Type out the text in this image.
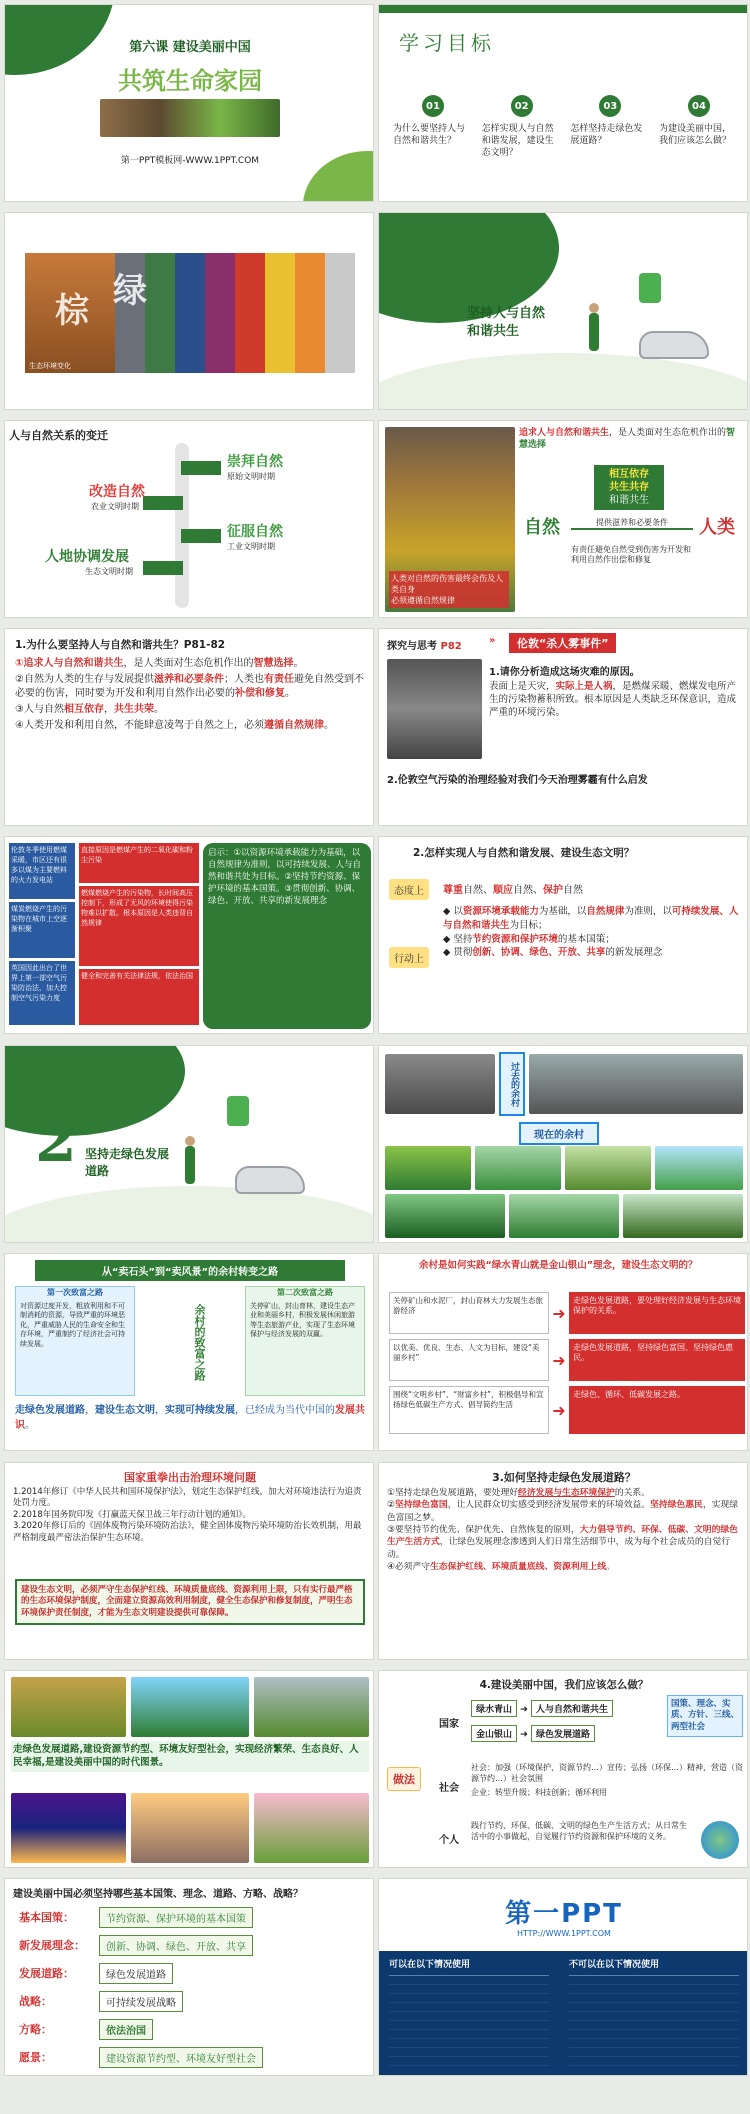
第六课 建设美丽中国
共筑生命家园
第一PPT模板网-WWW.1PPT.COM
学习目标
01
为什么要坚持人与自然和谐共生？
02
怎样实现人与自然和谐发展，建设生态文明？
03
怎样坚持走绿色发展道路？
04
为建设美丽中国，我们应该怎么做？
棕 绿
生态环境变化
1
坚持人与自然和谐共生
人与自然关系的变迁
改造自然
农业文明时期
崇拜自然
原始文明时期
人地协调发展
生态文明时期
征服自然
工业文明时期
人类对自然的伤害最终会伤及人类自身
必须遵循自然规律
追求人与自然和谐共生，是人类面对生态危机作出的智慧选择
相互依存
共生共存
和谐共生
自然	人类
提供滋养和必要条件
有责任避免自然受到伤害为开发和利用自然作出偿和修复
1.为什么要坚持人与自然和谐共生？P81-82
①追求人与自然和谐共生，是人类面对生态危机作出的智慧选择。
②自然为人类的生存与发展提供滋养和必要条件；人类也有责任避免自然受到不必要的伤害，同时要为开发和利用自然作出必要的补偿和修复。
③人与自然相互依存，共生共荣。
④人类开发和利用自然，不能肆意凌驾于自然之上，必须遵循自然规律。
探究与思考 P82
»	伦敦“杀人雾事件”
1.请你分析造成这场灾难的原因。
表面上是天灾，实际上是人祸，是燃煤采暖、燃煤发电所产生的污染物蓄积所致。根本原因是人类缺乏环保意识，造成严重的环境污染。
2.伦敦空气污染的治理经验对我们今天治理雾霾有什么启发
伦敦冬季使用燃煤采暖，市区还有很多以煤为主要燃料的火力发电站
煤炭燃烧产生的污染物在城市上空逐渐积聚
英国因此出台了世界上第一部空气污染防治法，加大控制空气污染力度
直接原因是燃煤产生的二氧化碳和粉尘污染
燃煤燃烧产生的污染物，长时间高压控制下，形成了无风的环境使得污染物难以扩散。根本原因是人类违背自然规律
健全和完善有关法律法规，依法治国
启示：①以资源环境承载能力为基础，以自然规律为准则，以可持续发展、人与自然和谐共处为目标。②坚持节约资源、保护环境的基本国策。③贯彻创新、协调、绿色、开放、共享的新发展理念
2.怎样实现人与自然和谐发展、建设生态文明？
态度上	尊重自然、顺应自然、保护自然
行动上
◆ 以资源环境承载能力为基础，以自然规律为准则，以可持续发展、人与自然和谐共生为目标；
◆ 坚持节约资源和保护环境的基本国策；
◆ 贯彻创新、协调、绿色、开放、共享的新发展理念
2 坚持走绿色发展道路
过去的余村
现在的余村
从“卖石头”到“卖风景”的余村转变之路
第一次致富之路
对资源过度开发，粗放利用和不可制消耗的资源，导致严重的环境恶化，严重威胁人民的生命安全和生存环境，严重制约了经济社会可持续发展。	余村的致富之路
第二次致富之路
关停矿山，封山育林，建设生态产业和美丽乡村，积极发展休闲旅游等生态旅游产业，实现了生态环境保护与经济发展的双赢。
走绿色发展道路，建设生态文明，实现可持续发展，已经成为当代中国的发展共识。
余村是如何实践“绿水青山就是金山银山”理念，建设生态文明的？
关停矿山和水泥厂，封山育林大力发展生态旅游经济	➜
走绿色发展道路，要处理好经济发展与生态环境保护的关系。
以优美、优良、生态、人文为目标，建设“美丽乡村”	➜
走绿色发展道路，坚持绿色富国、坚持绿色惠民。
围绕“文明乡村”、“财富乡村”，积极倡导和宣扬绿色低碳生产方式、倡导简约生活	➜
走绿色、循环、低碳发展之路。
国家重拳出击治理环境问题
1.2014年修订《中华人民共和国环境保护法》，划定生态保护红线，加大对环境违法行为追责处罚力度。
2.2018年国务院印发《打赢蓝天保卫战三年行动计划的通知》。
3.2020年修订后的《固体废物污染环境防治法》，健全固体废物污染环境防治长效机制，用最严格制度最严密法治保护生态环境。
建设生态文明，必须严守生态保护红线、环境质量底线、资源利用上限，只有实行最严格的生态环境保护制度，全面建立资源高效利用制度，健全生态保护和修复制度，严明生态环境保护责任制度，才能为生态文明建设提供可靠保障。
3.如何坚持走绿色发展道路？
①坚持走绿色发展道路，要处理好经济发展与生态环境保护的关系。
②坚持绿色富国，让人民群众切实感受到经济发展带来的环境效益。坚持绿色惠民，实现绿色富国之梦。
③要坚持节约优先、保护优先、自然恢复的原则，大力倡导节约、环保、低碳、文明的绿色生产生活方式，让绿色发展理念渗透到人们日常生活细节中，成为每个社会成员的自觉行动。
④必须严守生态保护红线、环境质量底线、资源利用上线。
走绿色发展道路,建设资源节约型、环境友好型社会，实现经济繁荣、生态良好、人民幸福,是建设美丽中国的时代图景。
4.建设美丽中国，我们应该怎么做？
做法
国家
绿水青山 ➜ 人与自然和谐共生
金山银山 ➜ 绿色发展道路
国策、理念、实质、方针、三线、两型社会
社会
社会：加强（环境保护，资源节约…）宣传；弘扬（环保…）精神，营造（资源节约…）社会氛围
企业：转型升级；科技创新；循环利用
个人
践行节约、环保、低碳、文明的绿色生产生活方式；从日常生活中的小事做起，自觉履行节约资源和保护环境的义务。
建设美丽中国必须坚持哪些基本国策、理念、道路、方略、战略？
基本国策：	节约资源、保护环境的基本国策
新发展理念：	创新、协调、绿色、开放、共享
发展道路：	绿色发展道路
战略：	可持续发展战略
方略：	依法治国
愿景：	建设资源节约型、环境友好型社会
第一PPT
HTTP://WWW.1PPT.COM
可以在以下情况使用	不可以在以下情况使用
